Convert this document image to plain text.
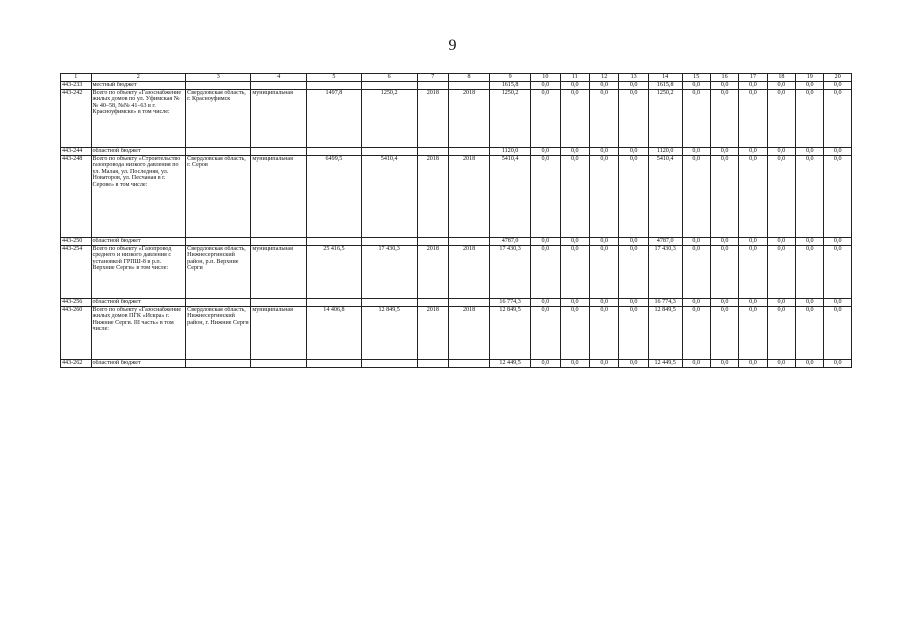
9
1	2	3	4	5	6	7	8	9	10	11	12	13	14	15	16	17	18	19	20
443-233	местный бюджет							1615,8	0,0	0,0	0,0	0,0	1615,8	0,0	0,0	0,0	0,0	0,0	0,0
443-242	Всего по объекту «Газоснабжение жилых домов по ул. Уфимская №№ 40–58, №№ 41–63 в г. Красноуфимске» в том числе:	Свердловская область, г. Красноуфимск	муниципальная	1497,8	1250,2	2018	2018	1250,2	0,0	0,0	0,0	0,0	1250,2	0,0	0,0	0,0	0,0	0,0	0,0
443-244	областной бюджет							1120,0	0,0	0,0	0,0	0,0	1120,0	0,0	0,0	0,0	0,0	0,0	0,0
443-248	Всего по объекту «Строительство газопровода низкого давления по ул. Малая, ул. Последняя, ул. Новаторов, ул. Песчаная в г. Серове» в том числе:	Свердловская область, г. Серов	муниципальная	6499,5	5410,4	2018	2018	5410,4	0,0	0,0	0,0	0,0	5410,4	0,0	0,0	0,0	0,0	0,0	0,0
443-250	областной бюджет							4787,0	0,0	0,0	0,0	0,0	4787,0	0,0	0,0	0,0	0,0	0,0	0,0
443-254	Всего по объекту «Газопровод среднего и низкого давления с установкой ГРПШ-8 в р.п. Верхние Серги» в том числе:	Свердловская область, Нижнесергинский район, р.п. Верхние Серги	муниципальная	25 416,5	17 430,3	2018	2018	17 430,3	0,0	0,0	0,0	0,0	17 430,3	0,0	0,0	0,0	0,0	0,0	0,0
443-256	областной бюджет							16 774,3	0,0	0,0	0,0	0,0	16 774,3	0,0	0,0	0,0	0,0	0,0	0,0
443-260	Всего по объекту «Газоснабжение жилых домов ПГК «Искра» г. Нижние Серги. III часть» в том числе:	Свердловская область, Нижнесергинский район, г. Нижние Серги	муниципальная	14 406,8	12 849,5	2018	2018	12 849,5	0,0	0,0	0,0	0,0	12 849,5	0,0	0,0	0,0	0,0	0,0	0,0
443-262	областной бюджет							12 449,5	0,0	0,0	0,0	0,0	12 449,5	0,0	0,0	0,0	0,0	0,0	0,0
